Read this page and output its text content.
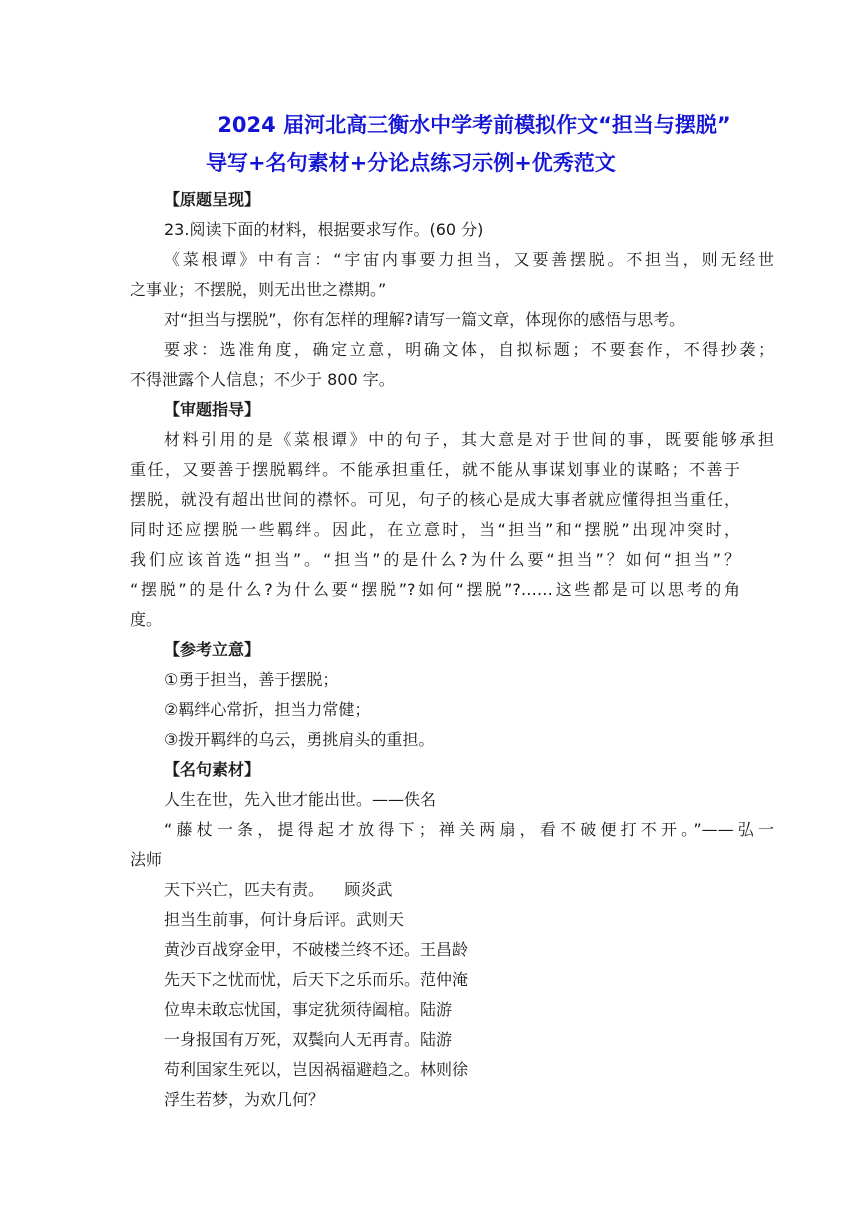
2024 届河北高三衡水中学考前模拟作文“担当与摆脱”
导写+名句素材+分论点练习示例+优秀范文

【原题呈现】

23.阅读下面的材料，根据要求写作。(60 分)

《菜根谭》中有言：“宇宙内事要力担当，又要善摆脱。不担当，则无经世

之事业；不摆脱，则无出世之襟期。”

对“担当与摆脱”，你有怎样的理解?请写一篇文章，体现你的感悟与思考。

要求：选准角度，确定立意，明确文体，自拟标题；不要套作，不得抄袭；

不得泄露个人信息；不少于 800 字。

【审题指导】

材料引用的是《菜根谭》中的句子，其大意是对于世间的事，既要能够承担

重任，又要善于摆脱羁绊。不能承担重任，就不能从事谋划事业的谋略；不善于

摆脱，就没有超出世间的襟怀。可见，句子的核心是成大事者就应懂得担当重任，

同时还应摆脱一些羁绊。因此，在立意时，当“担当”和“摆脱”出现冲突时，

我们应该首选“担当”。“担当”的是什么?为什么要“担当”？如何“担当”？

“摆脱”的是什么?为什么要“摆脱”?如何“摆脱”?……这些都是可以思考的角

度。

【参考立意】

①勇于担当，善于摆脱；

②羁绊心常折，担当力常健；

③拨开羁绊的乌云，勇挑肩头的重担。

【名句素材】

人生在世，先入世才能出世。——佚名

“藤杖一条，提得起才放得下；禅关两扇，看不破便打不开。”——弘一

法师

天下兴亡，匹夫有责。    顾炎武

担当生前事，何计身后评。武则天

黄沙百战穿金甲，不破楼兰终不还。王昌龄

先天下之忧而忧，后天下之乐而乐。范仲淹

位卑未敢忘忧国，事定犹须待阖棺。陆游

一身报国有万死，双鬓向人无再青。陆游

苟利国家生死以，岂因祸福避趋之。林则徐

浮生若梦，为欢几何？
